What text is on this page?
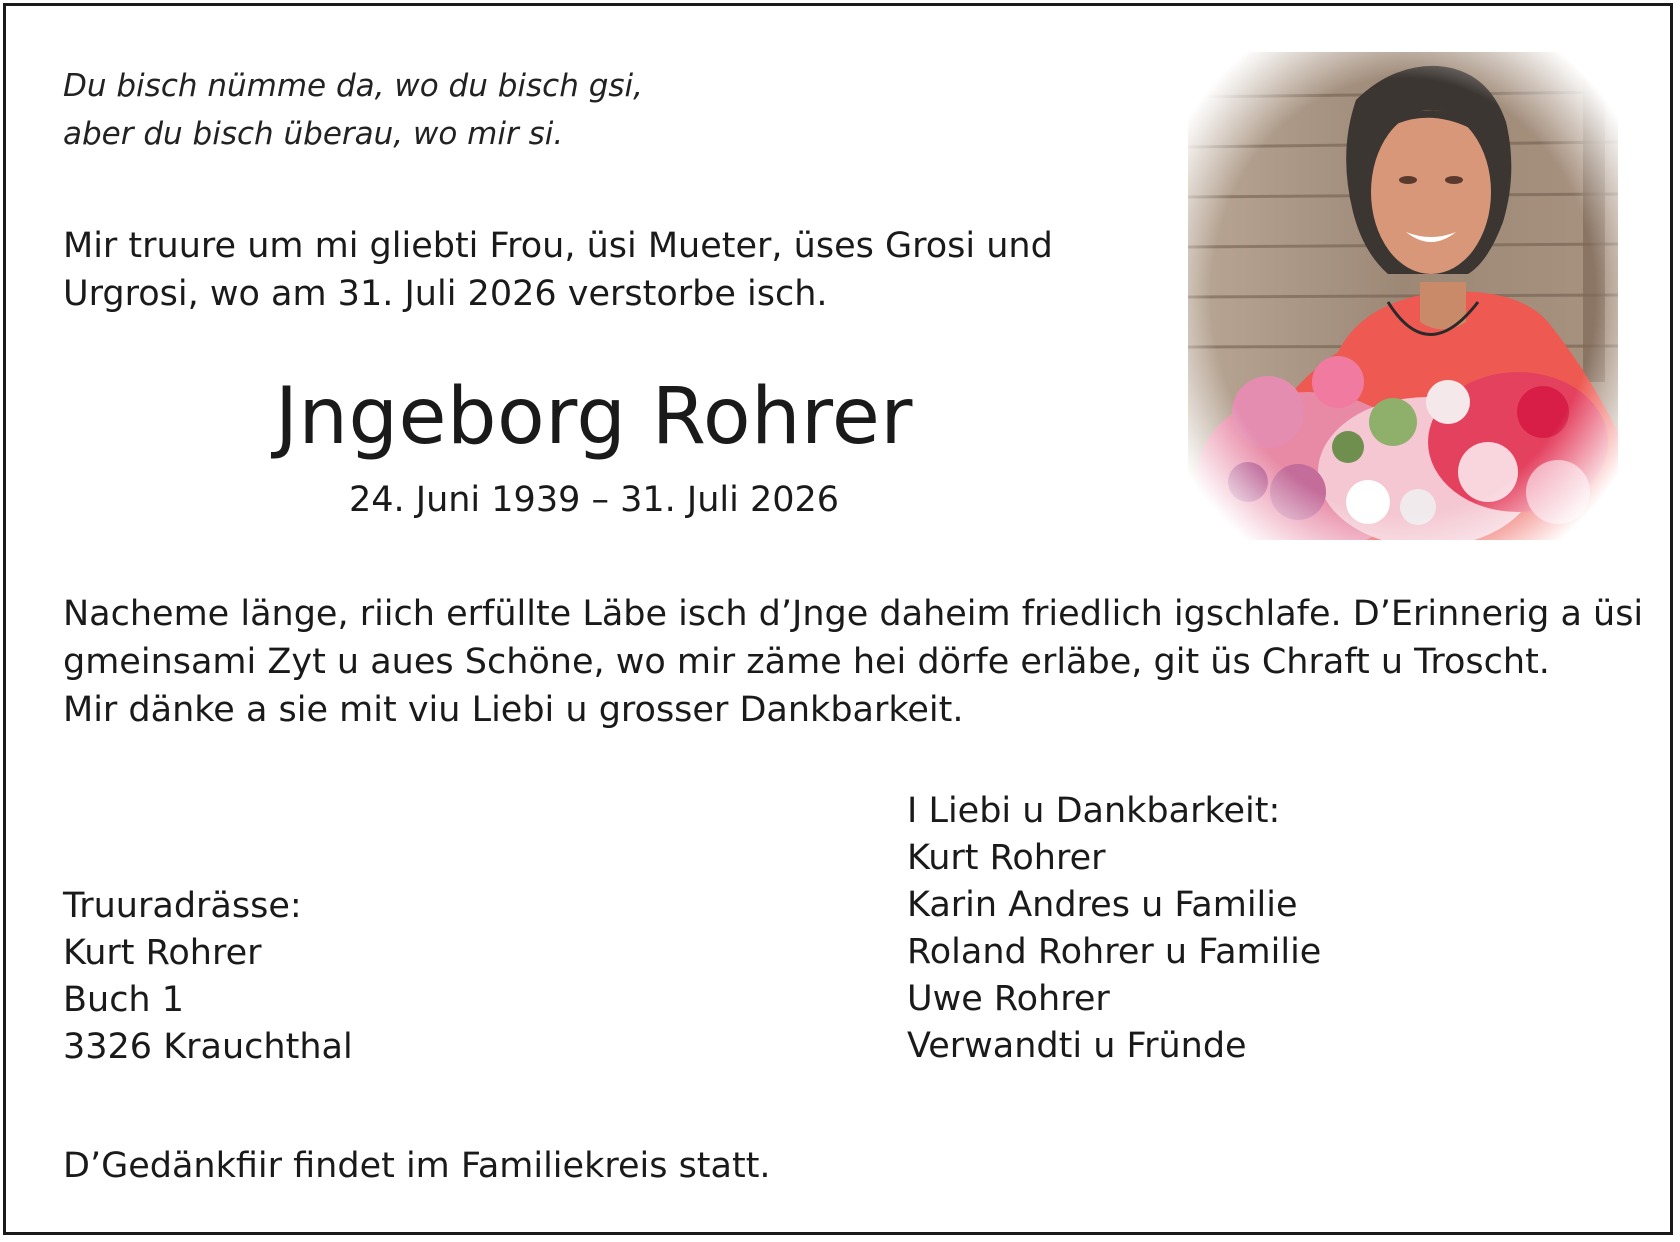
Du bisch nümme da, wo du bisch gsi,
aber du bisch überau, wo mir si.
Mir truure um mi gliebti Frou, üsi Mueter, üses Grosi und
Urgrosi, wo am 31. Juli 2026 verstorbe isch.
Jngeborg Rohrer
24. Juni 1939 – 31. Juli 2026
Nacheme länge, riich erfüllte Läbe isch d’Jnge daheim friedlich igschlafe. D’Erinnerig a üsi
gmeinsami Zyt u aues Schöne, wo mir zäme hei dörfe erläbe, git üs Chraft u Troscht.
Mir dänke a sie mit viu Liebi u grosser Dankbarkeit.
I Liebi u Dankbarkeit:
Kurt Rohrer
Karin Andres u Familie
Roland Rohrer u Familie
Uwe Rohrer
Verwandti u Fründe
Truuradrässe:
Kurt Rohrer
Buch 1
3326 Krauchthal
D’Gedänkfiir findet im Familiekreis statt.
